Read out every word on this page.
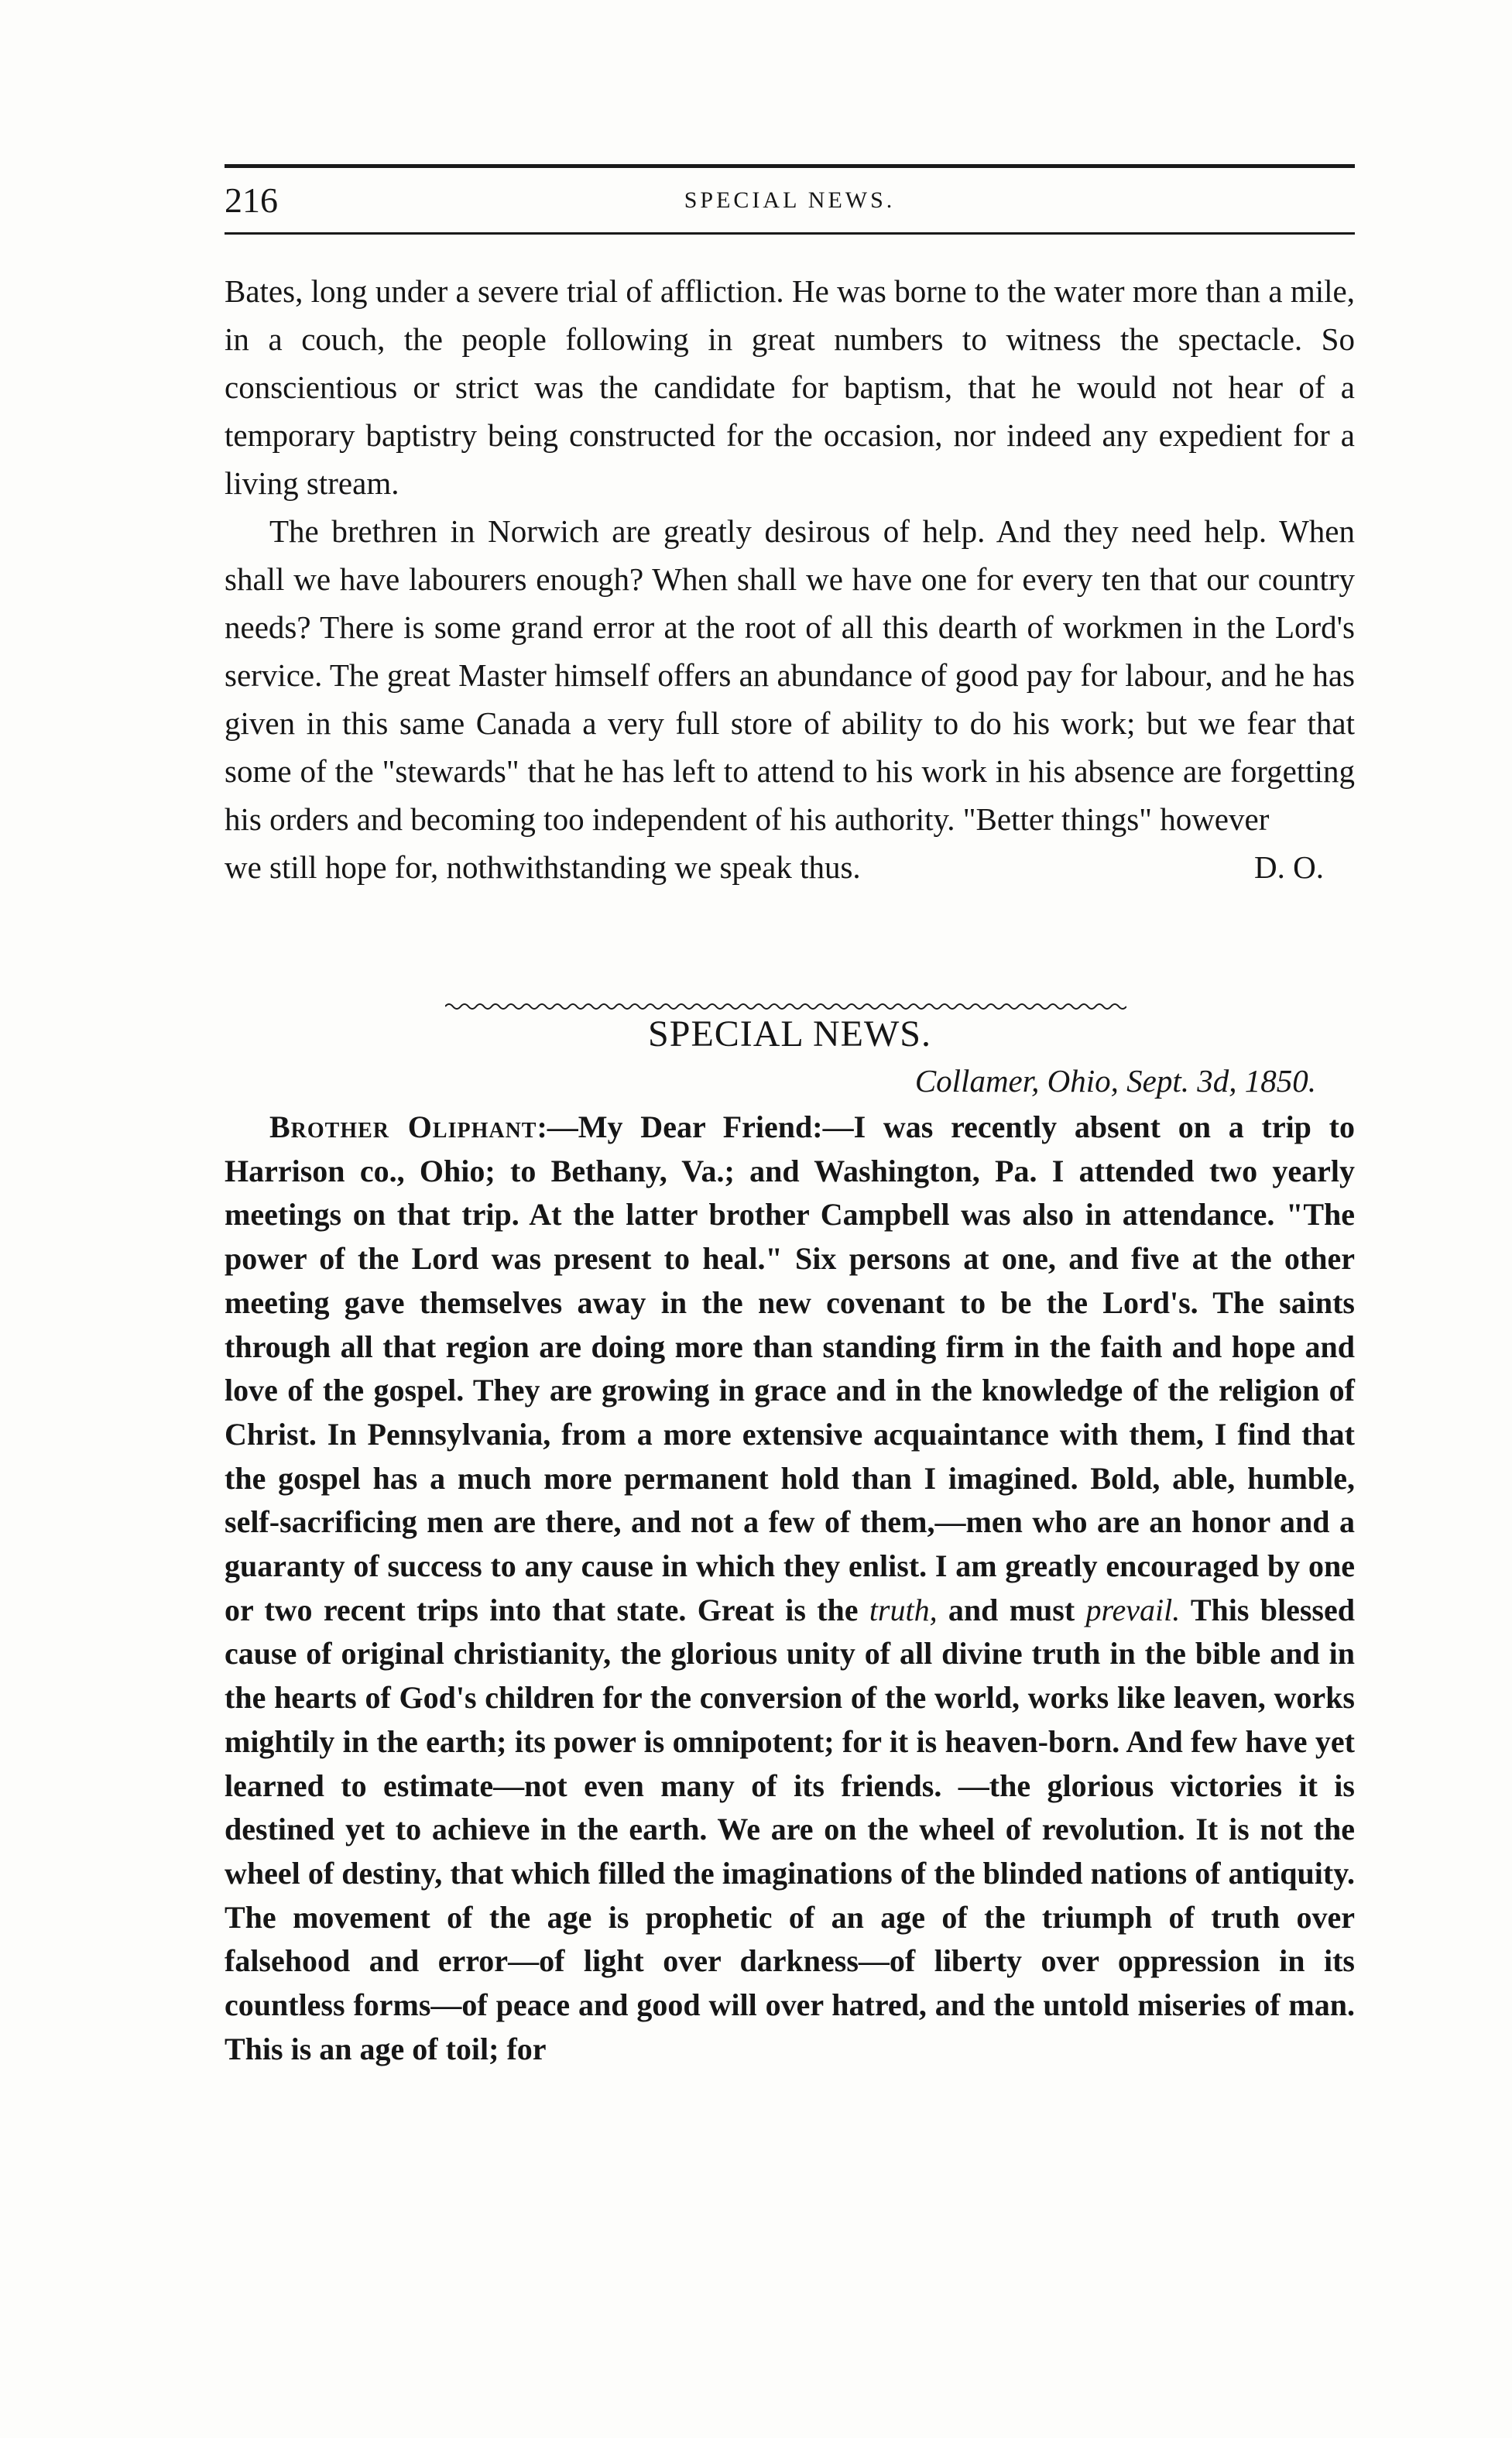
216	SPECIAL NEWS.

Bates, long under a severe trial of affliction. He was borne to the water more than a mile, in a couch, the people following in great numbers to witness the spectacle. So conscientious or strict was the candidate for baptism, that he would not hear of a temporary baptistry being constructed for the occasion, nor indeed any expedient for a living stream.

The brethren in Norwich are greatly desirous of help. And they need help. When shall we have labourers enough? When shall we have one for every ten that our country needs? There is some grand error at the root of all this dearth of workmen in the Lord's service. The great Master himself offers an abundance of good pay for labour, and he has given in this same Canada a very full store of ability to do his work; but we fear that some of the "stewards" that he has left to attend to his work in his absence are forgetting his orders and becoming too independent of his authority. "Better things" however

we still hope for, nothwithstanding we speak thus.	D. O.
SPECIAL NEWS.
Collamer, Ohio, Sept. 3d, 1850.

Brother Oliphant:—My Dear Friend:—I was recently absent on a trip to Harrison co., Ohio; to Bethany, Va.; and Washington, Pa. I attended two yearly meetings on that trip. At the latter brother Campbell was also in attendance. "The power of the Lord was present to heal." Six persons at one, and five at the other meeting gave themselves away in the new covenant to be the Lord's. The saints through all that region are doing more than standing firm in the faith and hope and love of the gospel. They are growing in grace and in the knowledge of the religion of Christ. In Pennsylvania, from a more extensive acquaintance with them, I find that the gospel has a much more permanent hold than I imagined. Bold, able, humble, self-sacrificing men are there, and not a few of them,—men who are an honor and a guaranty of success to any cause in which they enlist. I am greatly encouraged by one or two recent trips into that state. Great is the truth, and must prevail. This blessed cause of original christianity, the glorious unity of all divine truth in the bible and in the hearts of God's children for the conversion of the world, works like leaven, works mightily in the earth; its power is omnipotent; for it is heaven-born. And few have yet learned to estimate—not even many of its friends. —the glorious victories it is destined yet to achieve in the earth. We are on the wheel of revolution. It is not the wheel of destiny, that which filled the imaginations of the blinded nations of antiquity. The movement of the age is prophetic of an age of the triumph of truth over falsehood and error—of light over darkness—of liberty over oppression in its countless forms—of peace and good will over hatred, and the untold miseries of man. This is an age of toil; for
